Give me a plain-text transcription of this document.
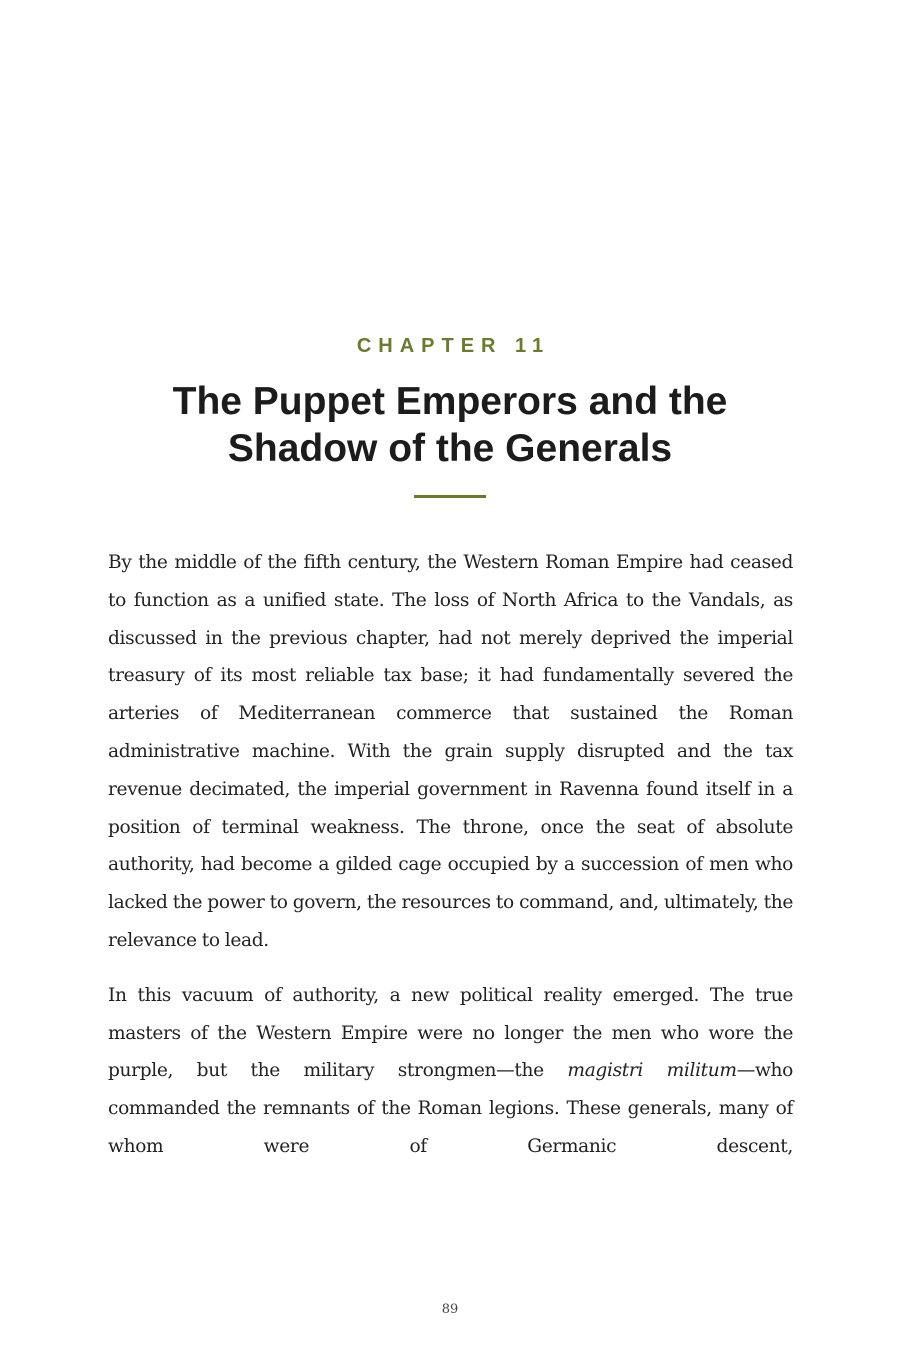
CHAPTER 11
The Puppet Emperors and the
Shadow of the Generals

By the middle of the fifth century, the Western Roman Empire had ceased to function as a unified state. The loss of North Africa to the Vandals, as discussed in the previous chapter, had not merely deprived the imperial treasury of its most reliable tax base; it had fundamentally severed the arteries of Mediterranean commerce that sustained the Roman administrative machine. With the grain supply disrupted and the tax revenue decimated, the imperial government in Ravenna found itself in a position of terminal weakness. The throne, once the seat of absolute authority, had become a gilded cage occupied by a succession of men who lacked the power to govern, the resources to command, and, ultimately, the relevance to lead.

In this vacuum of authority, a new political reality emerged. The true masters of the Western Empire were no longer the men who wore the purple, but the military strongmen—the magistri militum—who commanded the remnants of the Roman legions. These generals, many of whom were of Germanic descent,

89
